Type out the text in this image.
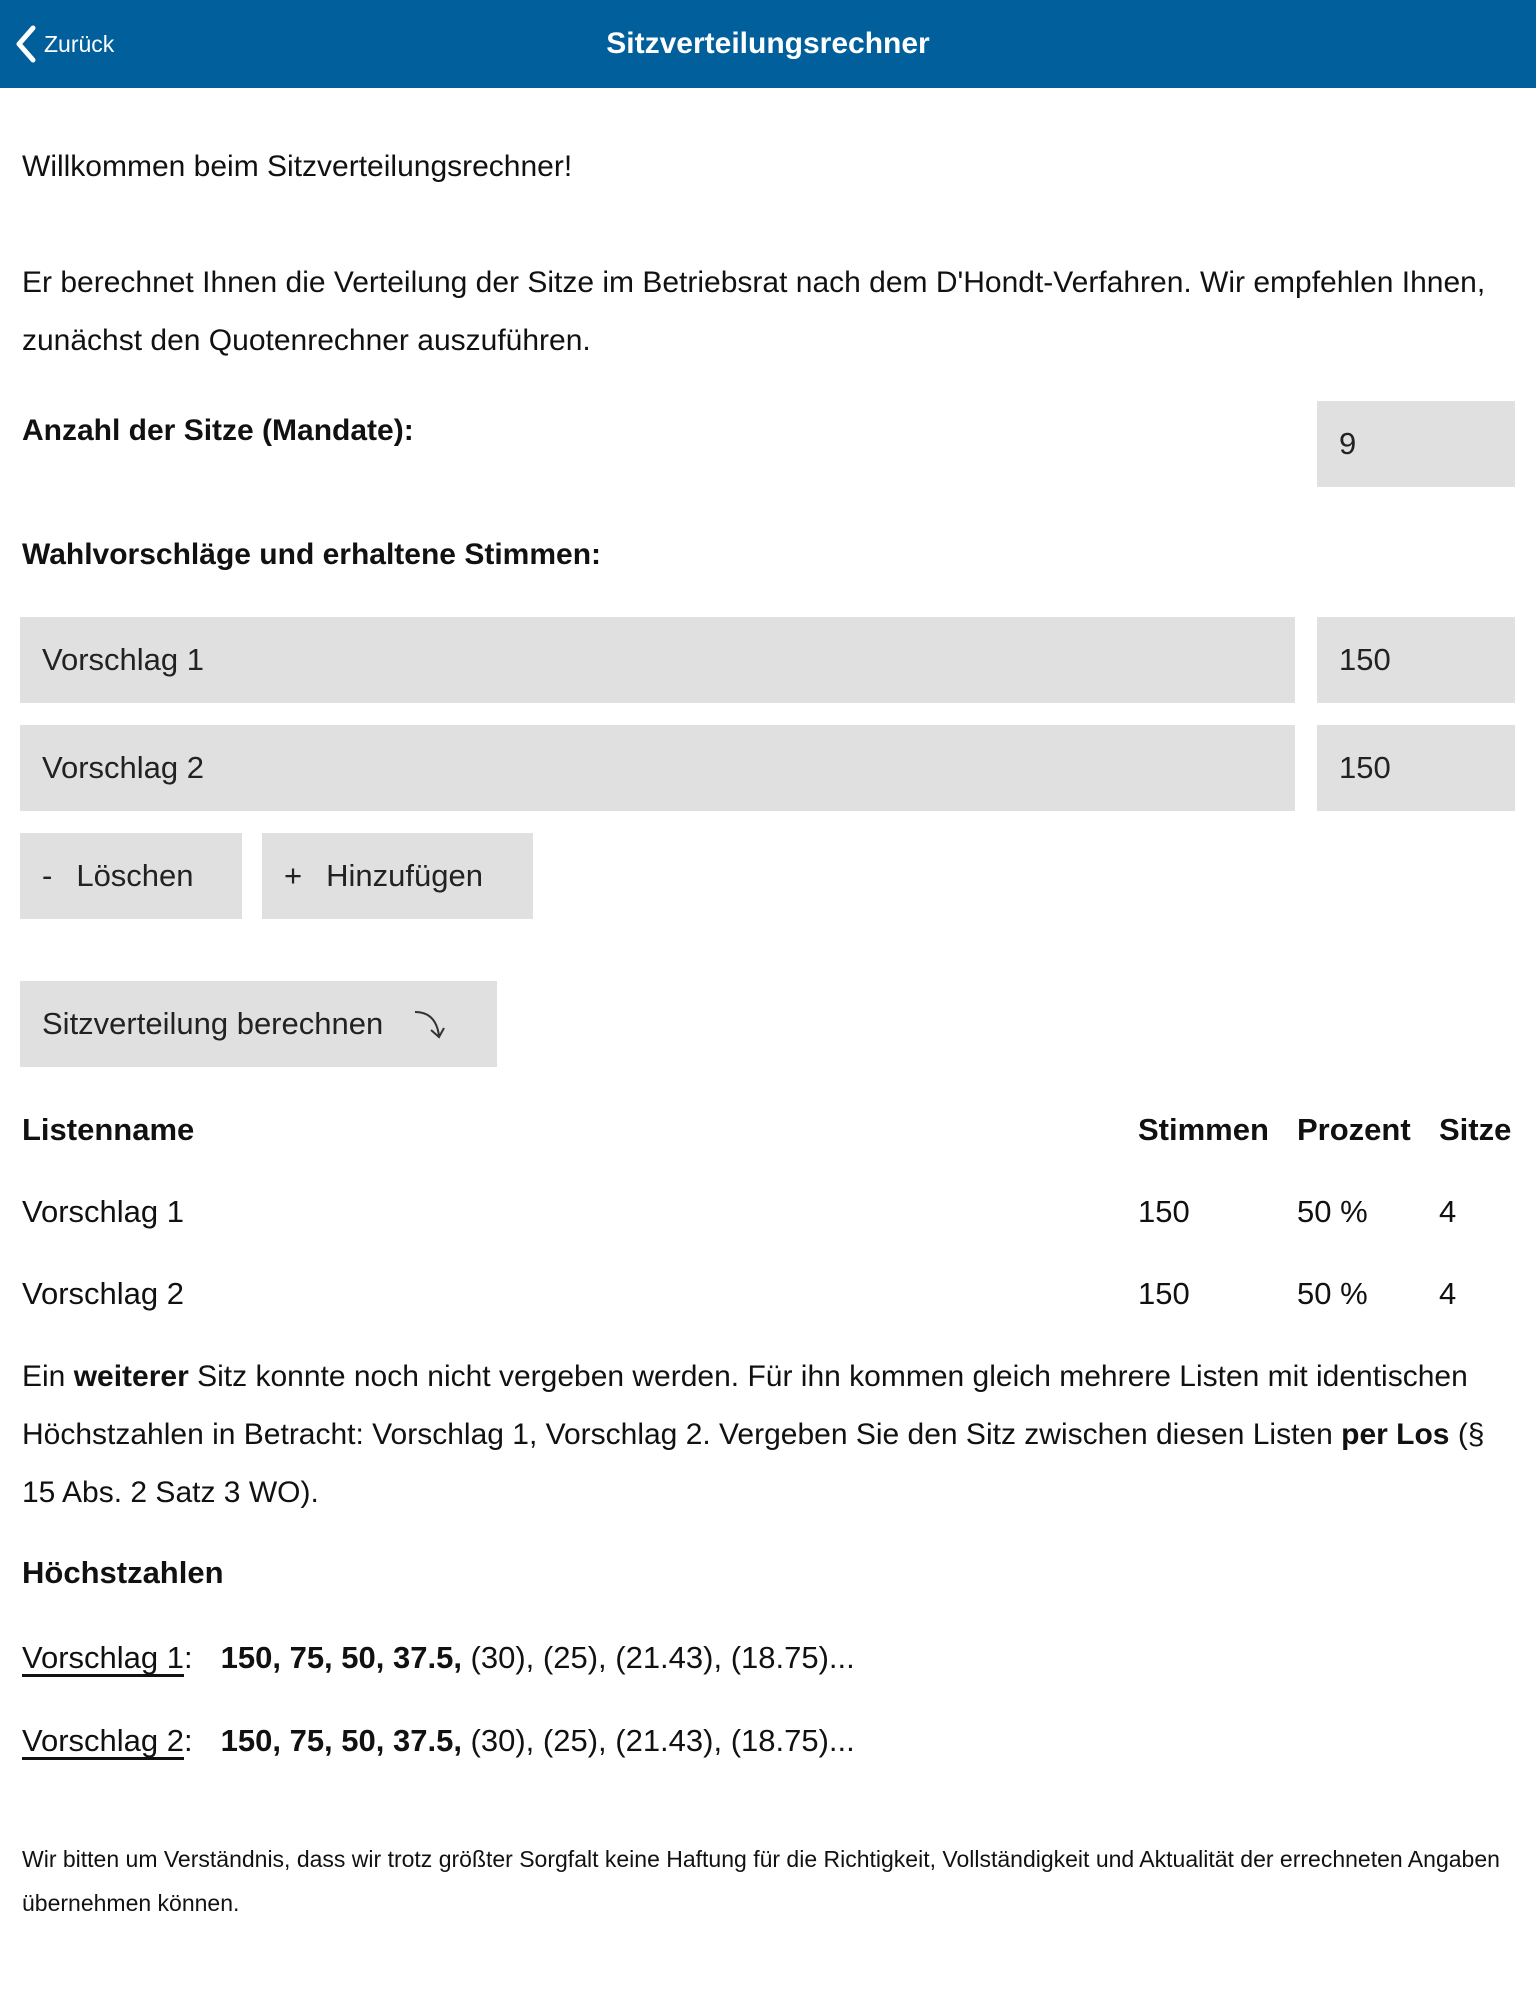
Zurück	Sitzverteilungsrechner
Willkommen beim Sitzverteilungsrechner!
Er berechnet Ihnen die Verteilung der Sitze im Betriebsrat nach dem D'Hondt-Verfahren. Wir empfehlen Ihnen, zunächst den Quotenrechner auszuführen.
Anzahl der Sitze (Mandate):	9
Wahlvorschläge und erhaltene Stimmen:
Vorschlag 1	150
Vorschlag 2	150
- Löschen	+ Hinzufügen
Sitzverteilung berechnen
Listenname	Stimmen Prozent Sitze
Vorschlag 1	150	50 % 4
Vorschlag 2	150	50 % 4
Ein weiterer Sitz konnte noch nicht vergeben werden. Für ihn kommen gleich mehrere Listen mit identischen Höchstzahlen in Betracht: Vorschlag 1, Vorschlag 2. Vergeben Sie den Sitz zwischen diesen Listen per Los (§ 15 Abs. 2 Satz 3 WO).
Höchstzahlen
Vorschlag 1: 150, 75, 50, 37.5, (30), (25), (21.43), (18.75)...
Vorschlag 2: 150, 75, 50, 37.5, (30), (25), (21.43), (18.75)...
Wir bitten um Verständnis, dass wir trotz größter Sorgfalt keine Haftung für die Richtigkeit, Vollständigkeit und Aktualität der errechneten Angaben übernehmen können.
